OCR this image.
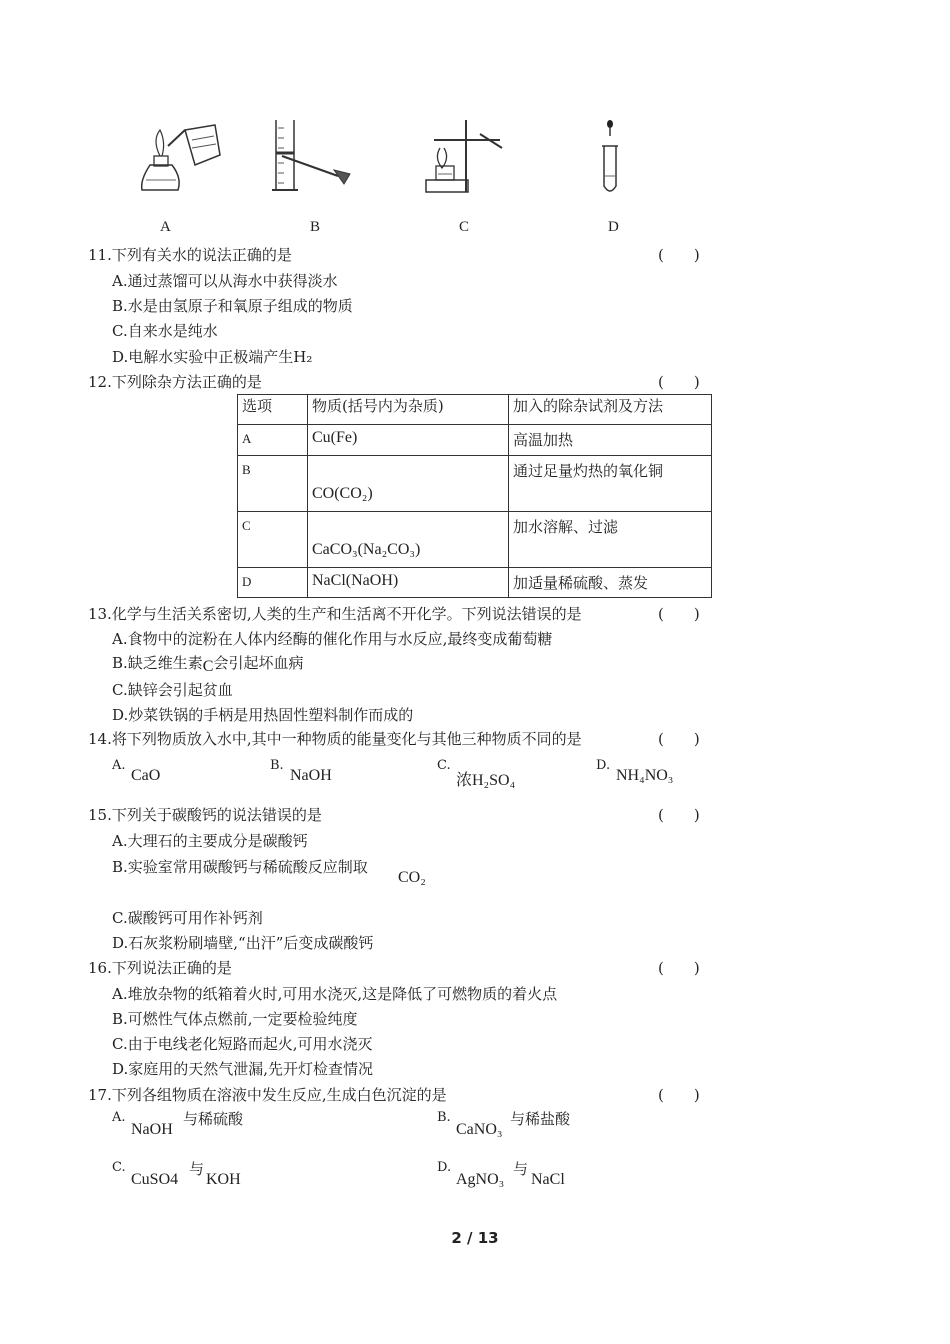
A	B	C	D
11.下列有关水的说法正确的是	(　　)
A.通过蒸馏可以从海水中获得淡水
B.水是由氢原子和氧原子组成的物质
C.自来水是纯水
D.电解水实验中正极端产生H₂
12.下列除杂方法正确的是	(　　)
选项	物质(括号内为杂质)	加入的除杂试剂及方法
A	Cu(Fe)	高温加热
B	CO(CO₂)	通过足量灼热的氧化铜
C	CaCO₃(Na₂CO₃)	加水溶解、过滤
D	NaCl(NaOH)	加适量稀硫酸、蒸发
13.化学与生活关系密切,人类的生产和生活离不开化学。下列说法错误的是	(　　)
A.食物中的淀粉在人体内经酶的催化作用与水反应,最终变成葡萄糖
B.缺乏维生素C会引起坏血病
C.缺锌会引起贫血
D.炒菜铁锅的手柄是用热固性塑料制作而成的
14.将下列物质放入水中,其中一种物质的能量变化与其他三种物质不同的是	(　　)
A.
CaO
B.
NaOH
C.
浓H₂SO₄
D.
NH₄NO₃
15.下列关于碳酸钙的说法错误的是	(　　)
A.大理石的主要成分是碳酸钙
B.实验室常用碳酸钙与稀硫酸反应制取
CO₂
C.碳酸钙可用作补钙剂
D.石灰浆粉刷墙壁,“出汗”后变成碳酸钙
16.下列说法正确的是	(　　)
A.堆放杂物的纸箱着火时,可用水浇灭,这是降低了可燃物质的着火点
B.可燃性气体点燃前,一定要检验纯度
C.由于电线老化短路而起火,可用水浇灭
D.家庭用的天然气泄漏,先开灯检查情况
17.下列各组物质在溶液中发生反应,生成白色沉淀的是	(　　)
A.
NaOH
与稀硫酸	B.
CaNO₃
与稀盐酸
C.
CuSO4
与
KOH
D.
AgNO₃
与
NaCl
2 / 13
